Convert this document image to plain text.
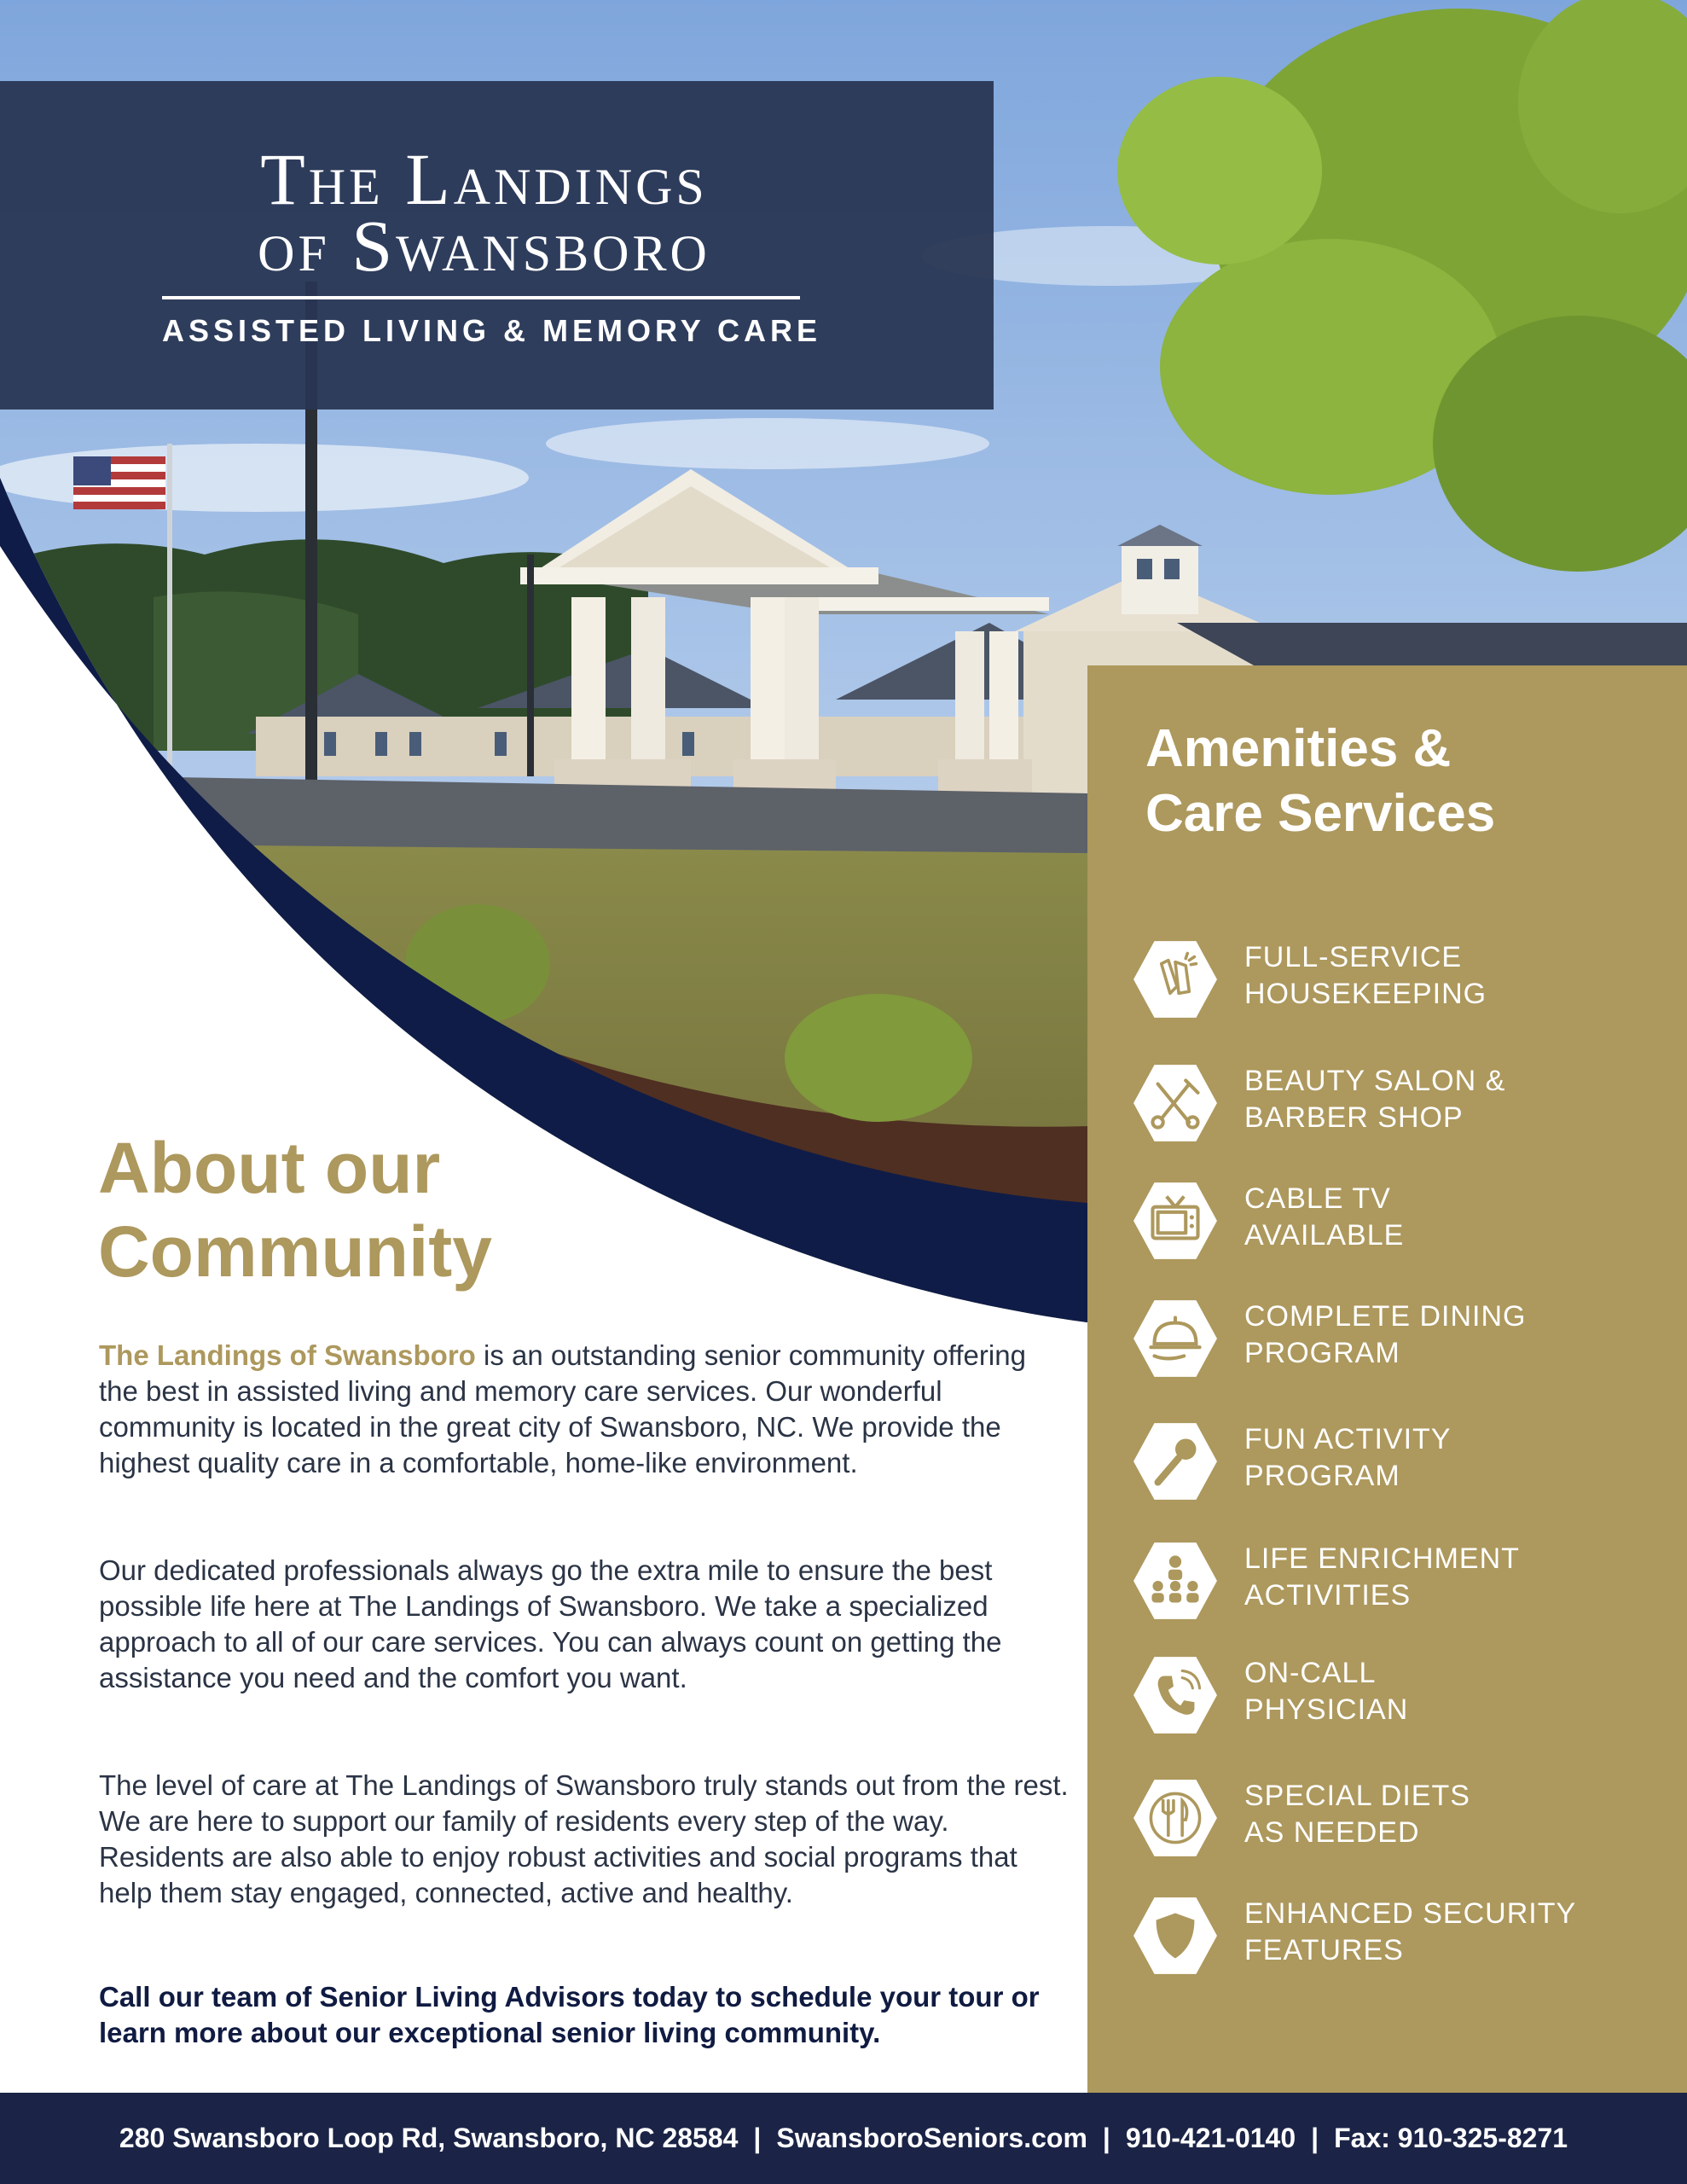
The Landings
of Swansboro
ASSISTED LIVING & MEMORY CARE
Amenities &
Care Services
FULL-SERVICE
HOUSEKEEPING
BEAUTY SALON &
BARBER SHOP
CABLE TV
AVAILABLE
COMPLETE DINING
PROGRAM
FUN ACTIVITY
PROGRAM
LIFE ENRICHMENT
ACTIVITIES
ON-CALL
PHYSICIAN
SPECIAL DIETS
AS NEEDED
ENHANCED SECURITY
FEATURES
About our
Community

The Landings of Swansboro is an outstanding senior community offering the best in assisted living and memory care services. Our wonderful community is located in the great city of Swansboro, NC. We provide the highest quality care in a comfortable, home-like environment.

Our dedicated professionals always go the extra mile to ensure the best possible life here at The Landings of Swansboro. We take a specialized approach to all of our care services. You can always count on getting the assistance you need and the comfort you want.

The level of care at The Landings of Swansboro truly stands out from the rest. We are here to support our family of residents every step of the way. Residents are also able to enjoy robust activities and social programs that help them stay engaged, connected, active and healthy.

Call our team of Senior Living Advisors today to schedule your tour or learn more about our exceptional senior living community.

280 Swansboro Loop Rd, Swansboro, NC 28584 | SwansboroSeniors.com | 910-421-0140 | Fax: 910-325-8271
